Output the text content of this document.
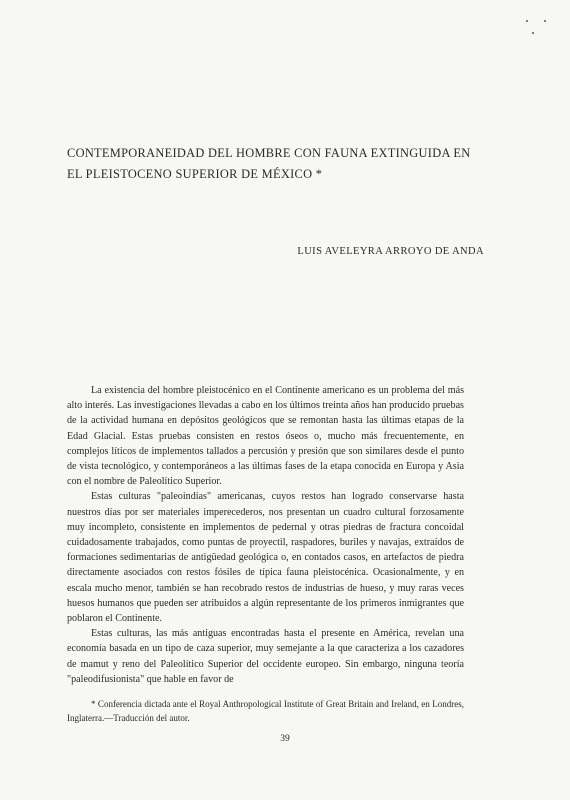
CONTEMPORANEIDAD DEL HOMBRE CON FAUNA EXTINGUIDA EN
EL PLEISTOCENO SUPERIOR DE MÉXICO *
LUIS AVELEYRA ARROYO DE ANDA

La existencia del hombre pleistocénico en el Continente americano es un problema del más alto interés. Las investigaciones llevadas a cabo en los últimos treinta años han producido pruebas de la actividad humana en depósitos geológicos que se remontan hasta las últimas etapas de la Edad Glacial. Estas pruebas consisten en restos óseos o, mucho más frecuentemente, en complejos líticos de implementos tallados a percusión y presión que son similares desde el punto de vista tecnológico, y contemporáneos a las últimas fases de la etapa conocida en Europa y Asia con el nombre de Paleolítico Superior.

Estas culturas "paleoindias" americanas, cuyos restos han logrado conservarse hasta nuestros días por ser materiales imperecederos, nos presentan un cuadro cultural forzosamente muy incompleto, consistente en implementos de pedernal y otras piedras de fractura concoidal cuidadosamente trabajados, como puntas de proyectil, raspadores, buriles y navajas, extraídos de formaciones sedimentarias de antigüedad geológica o, en contados casos, en artefactos de piedra directamente asociados con restos fósiles de típica fauna pleistocénica. Ocasionalmente, y en escala mucho menor, también se han recobrado restos de industrias de hueso, y muy raras veces huesos humanos que pueden ser atribuidos a algún representante de los primeros inmigrantes que poblaron el Continente.

Estas culturas, las más antiguas encontradas hasta el presente en América, revelan una economía basada en un tipo de caza superior, muy semejante a la que caracteriza a los cazadores de mamut y reno del Paleolítico Superior del occidente europeo. Sin embargo, ninguna teoría "paleodifusionista" que hable en favor de

* Conferencia dictada ante el Royal Anthropological Institute of Great Britain and Ireland, en Londres, Inglaterra.—Traducción del autor.

39
